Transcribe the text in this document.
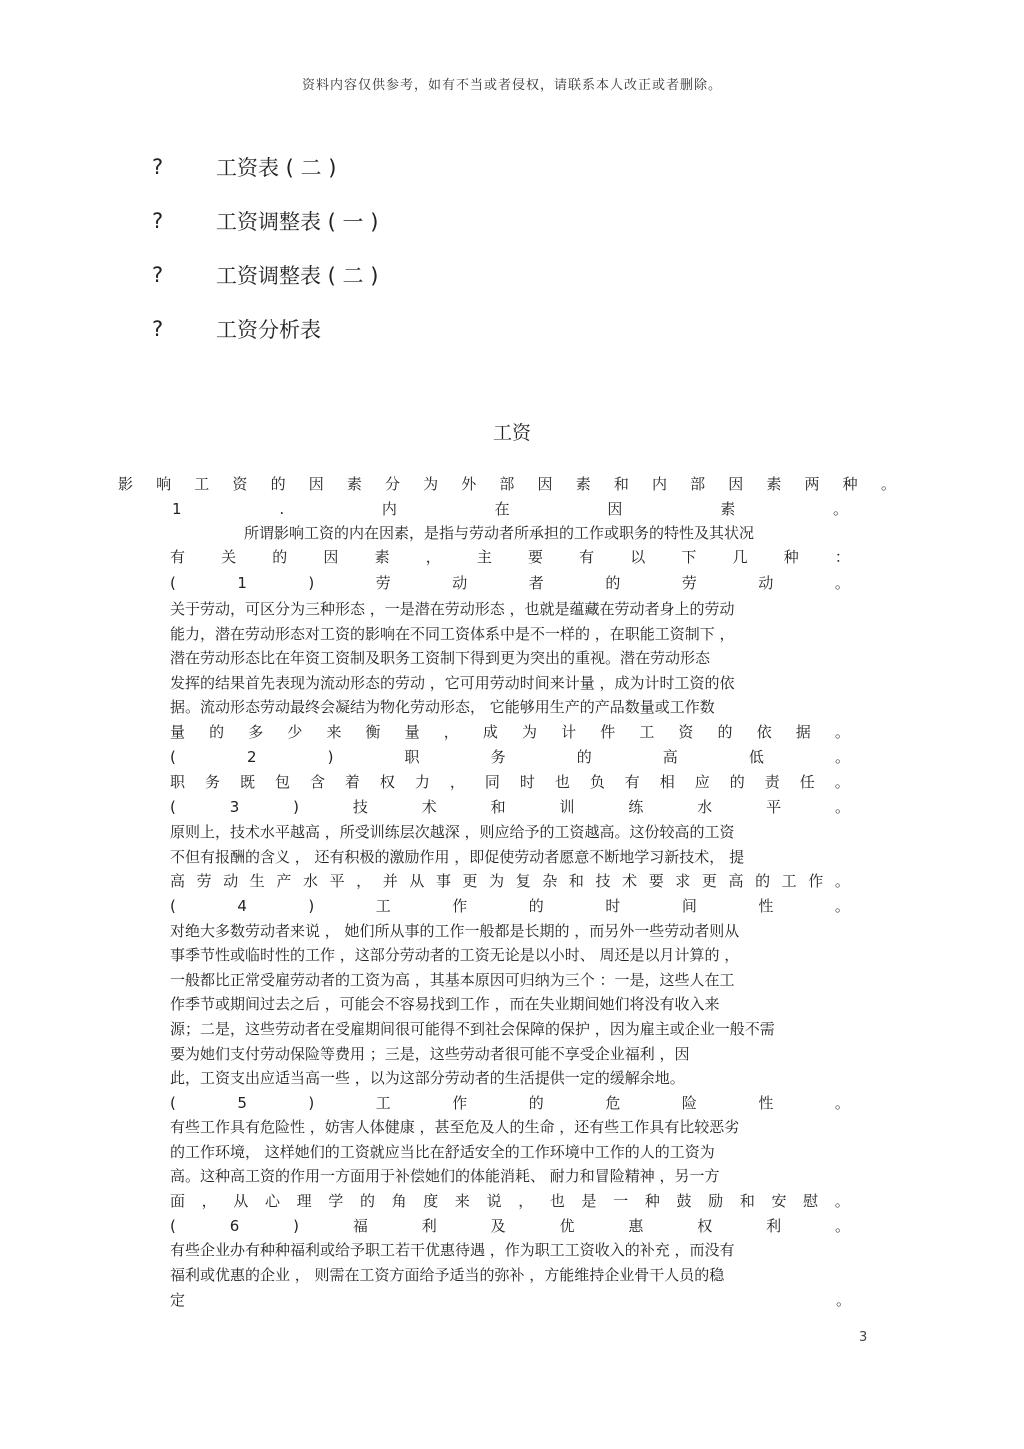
资料内容仅供参考，如有不当或者侵权，请联系本人改正或者删除。
?	工资表 ( 二 )
?	工资调整表 ( 一 )
?	工资调整表 ( 二 )
?	工资分析表
工资
影 响 工 资 的 因 素 分 为 外 部 因 素 和 内 部 因 素 两 种 。
1	.	内	在	因	素	。
所谓影响工资的内在因素，是指与劳动者所承担的工作或职务的特性及其状况
有 关 的 因 素 ， 主 要 有 以 下 几 种 ：
(	1	)	劳	动	者	的	劳	动	。
关于劳动，可区分为三种形态 ，一是潜在劳动形态 ，也就是蕴藏在劳动者身上的劳动
能力，潜在劳动形态对工资的影响在不同工资体系中是不一样的 ，在职能工资制下 ，
潜在劳动形态比在年资工资制及职务工资制下得到更为突出的重视。潜在劳动形态
发挥的结果首先表现为流动形态的劳动 ，它可用劳动时间来计量 ，成为计时工资的依
据。流动形态劳动最终会凝结为物化劳动形态， 它能够用生产的产品数量或工作数
量 的 多 少 来 衡 量 ， 成 为 计 件 工 资 的 依 据 。
(	2	)	职	务	的	高	低	。
职 务 既 包 含 着 权 力 ， 同 时 也 负 有 相 应 的 责 任 。
(	3	)	技	术	和	训	练	水	平	。
原则上，技术水平越高 ，所受训练层次越深 ，则应给予的工资越高。这份较高的工资
不但有报酬的含义 ， 还有积极的激励作用 ，即促使劳动者愿意不断地学习新技术， 提
高 劳 动 生 产 水 平 ， 并 从 事 更 为 复 杂 和 技 术 要 求 更 高 的 工 作 。
(	4	)	工	作	的	时	间	性	。
对绝大多数劳动者来说 ， 她们所从事的工作一般都是长期的 ，而另外一些劳动者则从
事季节性或临时性的工作 ，这部分劳动者的工资无论是以小时、 周还是以月计算的 ，
一般都比正常受雇劳动者的工资为高 ，其基本原因可归纳为三个 ：一是，这些人在工
作季节或期间过去之后 ，可能会不容易找到工作 ，而在失业期间她们将没有收入来
源；二是，这些劳动者在受雇期间很可能得不到社会保障的保护 ，因为雇主或企业一般不需
要为她们支付劳动保险等费用 ；三是，这些劳动者很可能不享受企业福利 ，因
此，工资支出应适当高一些 ，以为这部分劳动者的生活提供一定的缓解余地。
(	5	)	工	作	的	危	险	性	。
有些工作具有危险性 ，妨害人体健康 ，甚至危及人的生命 ，还有些工作具有比较恶劣
的工作环境， 这样她们的工资就应当比在舒适安全的工作环境中工作的人的工资为
高。这种高工资的作用一方面用于补偿她们的体能消耗、 耐力和冒险精神 ，另一方
面 ， 从 心 理 学 的 角 度 来 说 ， 也 是 一 种 鼓 励 和 安 慰 。
(	6	)	福	利	及	优	惠	权	利	。
有些企业办有种种福利或给予职工若干优惠待遇 ，作为职工工资收入的补充 ，而没有
福利或优惠的企业 ， 则需在工资方面给予适当的弥补 ，方能维持企业骨干人员的稳
定	。
3
